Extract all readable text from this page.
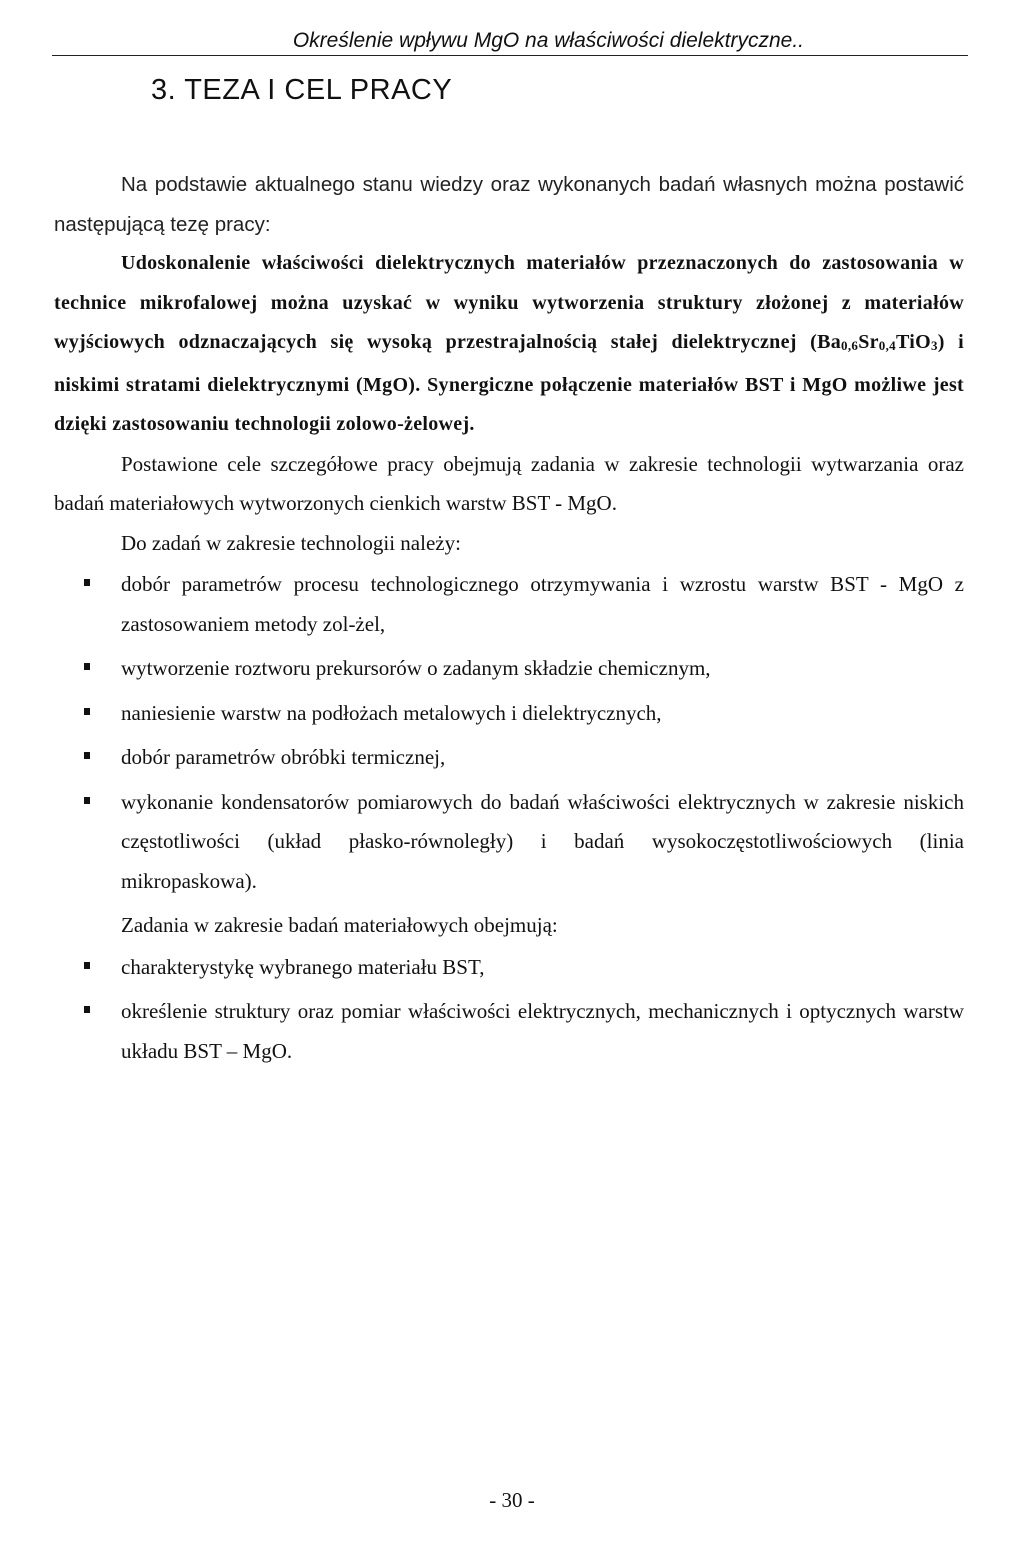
Określenie wpływu MgO na właściwości dielektryczne..
3. TEZA I CEL PRACY

Na podstawie aktualnego stanu wiedzy oraz wykonanych badań własnych można postawić następującą tezę pracy:

Udoskonalenie właściwości dielektrycznych materiałów przeznaczonych do zastosowania w technice mikrofalowej można uzyskać w wyniku wytworzenia struktury złożonej z materiałów wyjściowych odznaczających się wysoką przestrajalnością stałej dielektrycznej $(Ba_{0,6}Sr_{0,4}TiO_3)$ i niskimi stratami dielektrycznymi (MgO). Synergiczne połączenie materiałów BST i MgO możliwe jest dzięki zastosowaniu technologii zolowo-żelowej.

Postawione cele szczegółowe pracy obejmują zadania w zakresie technologii wytwarzania oraz badań materiałowych wytworzonych cienkich warstw BST - MgO.

Do zadań w zakresie technologii należy:

dobór parametrów procesu technologicznego otrzymywania i wzrostu warstw BST - MgO z zastosowaniem metody zol-żel,
wytworzenie roztworu prekursorów o zadanym składzie chemicznym,
naniesienie warstw na podłożach metalowych i dielektrycznych,
dobór parametrów obróbki termicznej,
wykonanie kondensatorów pomiarowych do badań właściwości elektrycznych w zakresie niskich częstotliwości (układ płasko-równoległy) i badań wysokoczęstotliwościowych (linia mikropaskowa).

Zadania w zakresie badań materiałowych obejmują:

charakterystykę wybranego materiału BST,
określenie struktury oraz pomiar właściwości elektrycznych, mechanicznych i optycznych warstw układu BST – MgO.
- 30 -
